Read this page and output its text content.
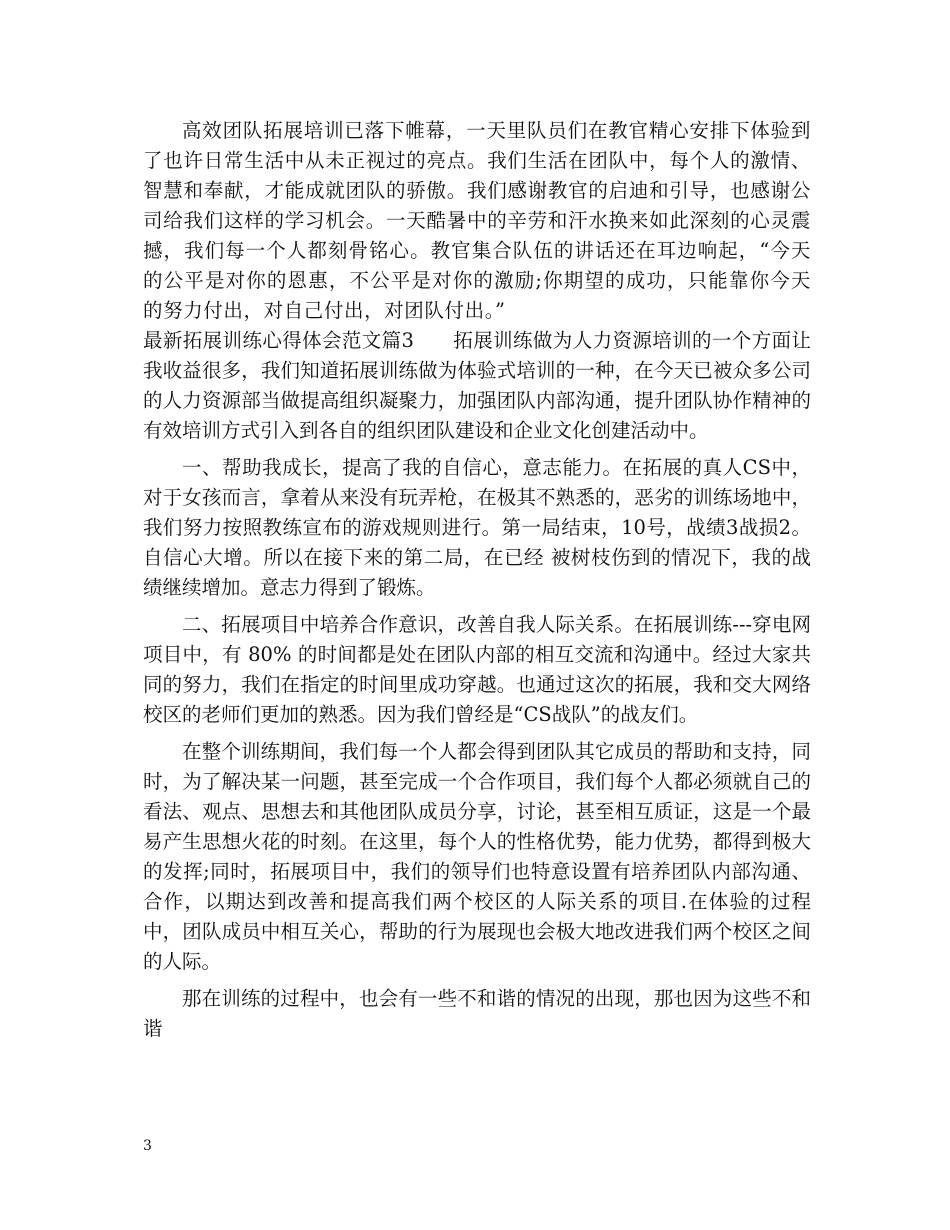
高效团队拓展培训已落下帷幕，一天里队员们在教官精心安排下体验到了也许日常生活中从未正视过的亮点。我们生活在团队中，每个人的激情、智慧和奉献，才能成就团队的骄傲。我们感谢教官的启迪和引导，也感谢公司给我们这样的学习机会。一天酷暑中的辛劳和汗水换来如此深刻的心灵震撼，我们每一个人都刻骨铭心。教官集合队伍的讲话还在耳边响起，“今天的公平是对你的恩惠，不公平是对你的激励;你期望的成功，只能靠你今天的努力付出，对自己付出，对团队付出。”

最新拓展训练心得体会范文篇3   拓展训练做为人力资源培训的一个方面让我收益很多，我们知道拓展训练做为体验式培训的一种，在今天已被众多公司的人力资源部当做提高组织凝聚力，加强团队内部沟通，提升团队协作精神的有效培训方式引入到各自的组织团队建设和企业文化创建活动中。

一、帮助我成长，提高了我的自信心，意志能力。在拓展的真人CS中，对于女孩而言，拿着从来没有玩弄枪，在极其不熟悉的，恶劣的训练场地中，我们努力按照教练宣布的游戏规则进行。第一局结束，10号，战绩3战损2。自信心大增。所以在接下来的第二局，在已经 被树枝伤到的情况下，我的战绩继续增加。意志力得到了锻炼。

二、拓展项目中培养合作意识，改善自我人际关系。在拓展训练---穿电网项目中，有 80% 的时间都是处在团队内部的相互交流和沟通中。经过大家共同的努力，我们在指定的时间里成功穿越。也通过这次的拓展，我和交大网络校区的老师们更加的熟悉。因为我们曾经是“CS战队”的战友们。

在整个训练期间，我们每一个人都会得到团队其它成员的帮助和支持，同时，为了解决某一问题，甚至完成一个合作项目，我们每个人都必须就自己的看法、观点、思想去和其他团队成员分享，讨论，甚至相互质证，这是一个最易产生思想火花的时刻。在这里，每个人的性格优势，能力优势，都得到极大的发挥;同时，拓展项目中，我们的领导们也特意设置有培养团队内部沟通、合作，以期达到改善和提高我们两个校区的人际关系的项目.在体验的过程中，团队成员中相互关心，帮助的行为展现也会极大地改进我们两个校区之间的人际。

那在训练的过程中，也会有一些不和谐的情况的出现，那也因为这些不和谐

3
